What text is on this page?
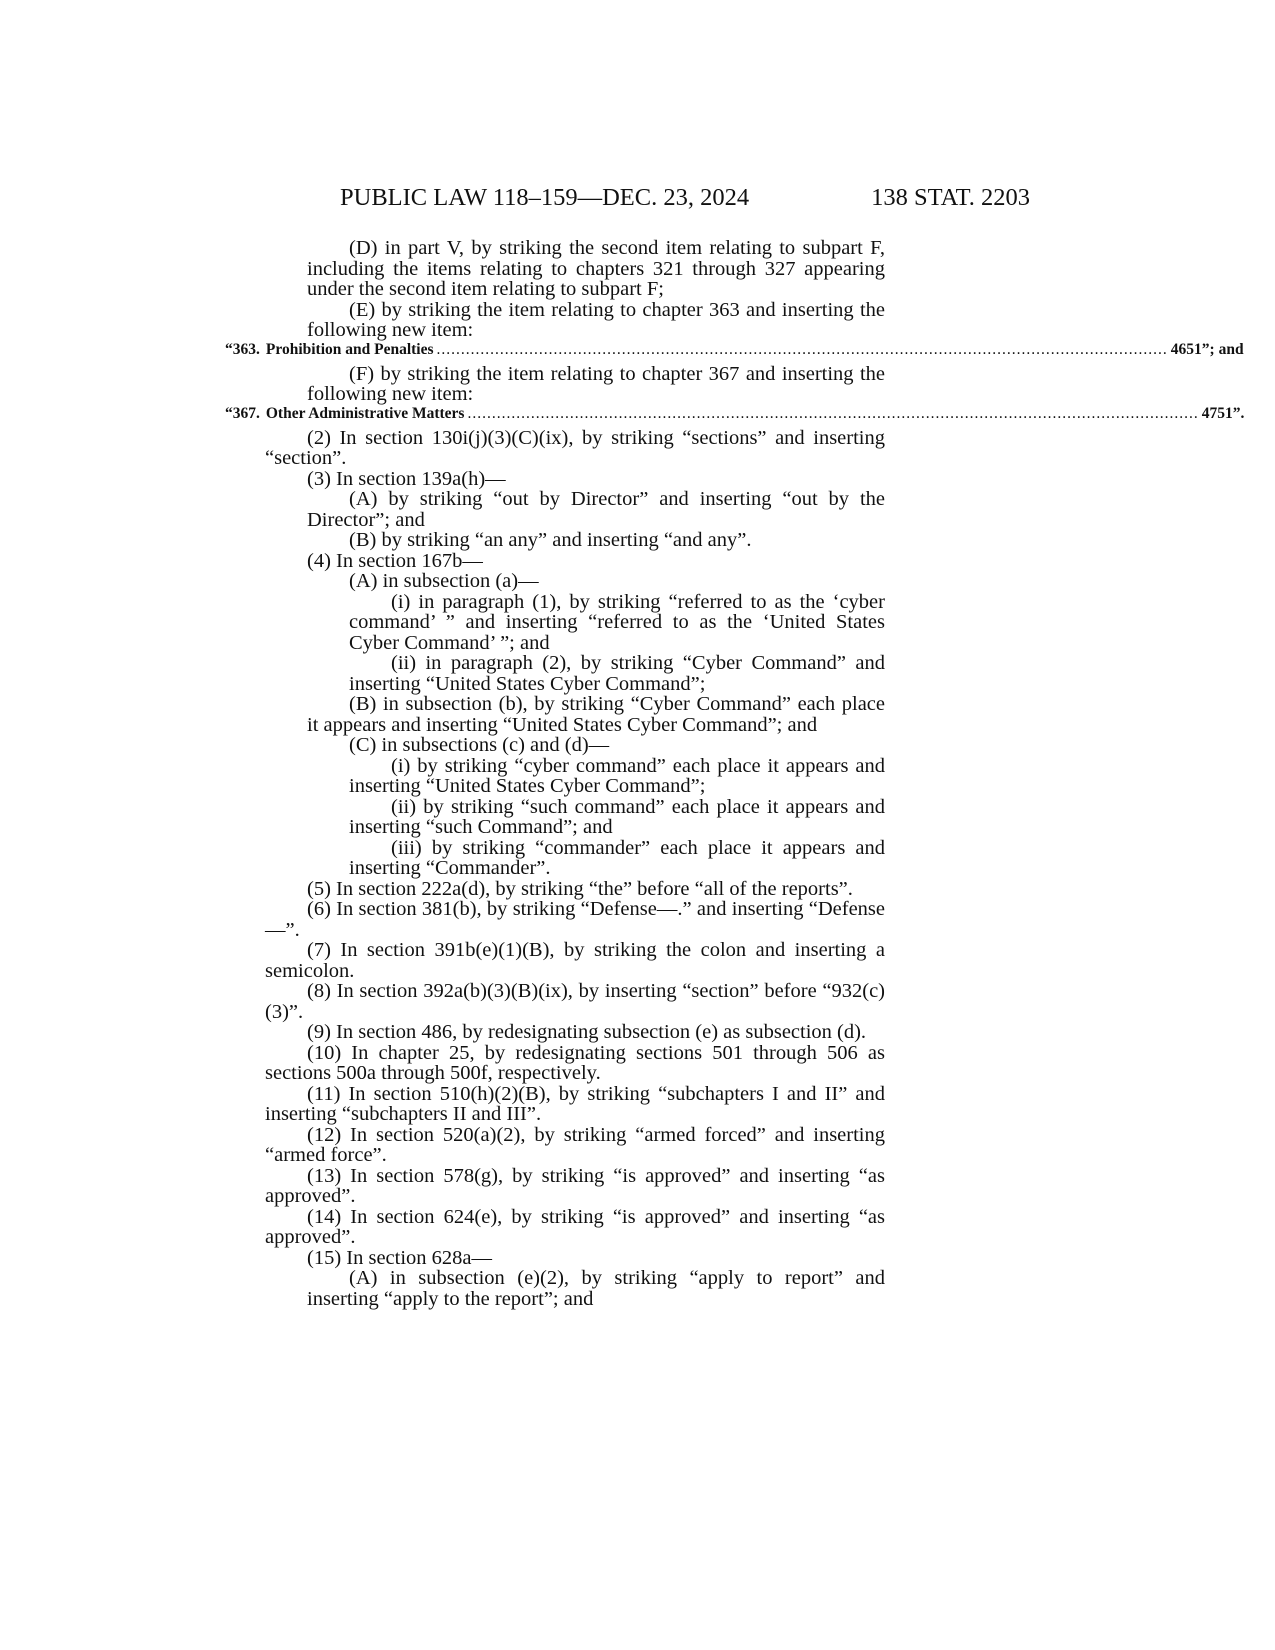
PUBLIC LAW 118–159—DEC. 23, 2024	138 STAT. 2203

(D) in part V, by striking the second item relating to subpart F, including the items relating to chapters 321 through 327 appearing under the second item relating to subpart F;

(E) by striking the item relating to chapter 363 and inserting the following new item:

“363. Prohibition and Penalties ...................................................................................................................................................... 4651”; and

(F) by striking the item relating to chapter 367 and inserting the following new item:

“367. Other Administrative Matters ...................................................................................................................................................... 4751”.

(2) In section 130i(j)(3)(C)(ix), by striking “sections” and inserting “section”.

(3) In section 139a(h)—

(A) by striking “out by Director” and inserting “out by the Director”; and

(B) by striking “an any” and inserting “and any”.

(4) In section 167b—

(A) in subsection (a)—

(i) in paragraph (1), by striking “referred to as the ‘cyber command’ ” and inserting “referred to as the ‘United States Cyber Command’ ”; and

(ii) in paragraph (2), by striking “Cyber Command” and inserting “United States Cyber Command”;

(B) in subsection (b), by striking “Cyber Command” each place it appears and inserting “United States Cyber Command”; and

(C) in subsections (c) and (d)—

(i) by striking “cyber command” each place it appears and inserting “United States Cyber Command”;

(ii) by striking “such command” each place it appears and inserting “such Command”; and

(iii) by striking “commander” each place it appears and inserting “Commander”.

(5) In section 222a(d), by striking “the” before “all of the reports”.

(6) In section 381(b), by striking “Defense—.” and inserting “Defense—”.

(7) In section 391b(e)(1)(B), by striking the colon and inserting a semicolon.

(8) In section 392a(b)(3)(B)(ix), by inserting “section” before “932(c)(3)”.

(9) In section 486, by redesignating subsection (e) as subsection (d).

(10) In chapter 25, by redesignating sections 501 through 506 as sections 500a through 500f, respectively.

(11) In section 510(h)(2)(B), by striking “subchapters I and II” and inserting “subchapters II and III”.

(12) In section 520(a)(2), by striking “armed forced” and inserting “armed force”.

(13) In section 578(g), by striking “is approved” and inserting “as approved”.

(14) In section 624(e), by striking “is approved” and inserting “as approved”.

(15) In section 628a—

(A) in subsection (e)(2), by striking “apply to report” and inserting “apply to the report”; and
